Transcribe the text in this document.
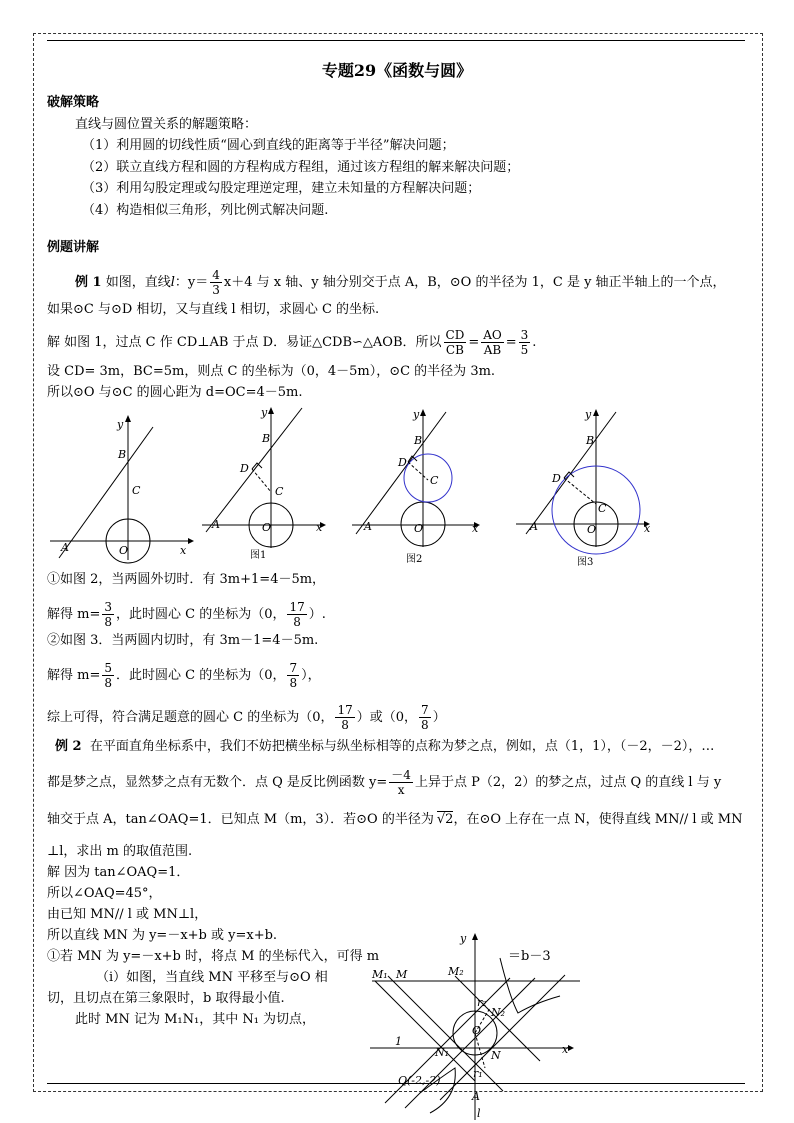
专题29《函数与圆》
破解策略
直线与圆位置关系的解题策略：
（1）利用圆的切线性质“圆心到直线的距离等于半径”解决问题；
（2）联立直线方程和圆的方程构成方程组，通过该方程组的解来解决问题；
（3）利用勾股定理或勾股定理逆定理，建立未知量的方程解决问题；
（4）构造相似三角形，列比例式解决问题.
例题讲解
例 1 如图，直线l：$y= \frac{4}{3} x+4$ 与 x 轴、y 轴分别交于点 A，B，⊙O 的半径为 1，C 是 y 轴正半轴上的一个点，
如果⊙C 与⊙D 相切，又与直线 l 相切，求圆心 C 的坐标.
解 如图 1，过点 C 作 CD⊥AB 于点 D．易证△CDB∽△AOB．所以 $\frac{CD}{CB} = \frac{AO}{AB} = \frac{3}{5}$ .
设 CD= 3m，BC=5m，则点 C 的坐标为（0，4－5m），⊙C 的半径为 3m.
所以⊙O 与⊙C 的圆心距为 d=OC=4－5m.
y
B
C
A	O	x
y
B
D
C
A	O	x
图1
y
B
D
C
A	O	x
图2
y
B
D
C
A	O	x
图3
①如图 2，当两圆外切时．有 3m+1=4－5m，
解得 $m= \frac{3}{8}$ ，此时圆心 C 的坐标为（0， $\frac{17}{8}$ ）.
②如图 3．当两圆内切时，有 3m－1=4－5m.
解得 $m= \frac{5}{8}$ ．此时圆心 C 的坐标为（0， $\frac{7}{8}$ ），
综上可得，符合满足题意的圆心 C 的坐标为（0， $\frac{17}{8}$ ）或（0， $\frac{7}{8}$ ）
例 2 在平面直角坐标系中，我们不妨把横坐标与纵坐标相等的点称为梦之点，例如，点（1，1），（－2，－2），…
都是梦之点，显然梦之点有无数个．点 Q 是反比例函数 $y= \frac{-4}{x}$ 上异于点 P（2，2）的梦之点，过点 Q 的直线 l 与 y
轴交于点 A，tan∠OAQ=1．已知点 M（m，3）．若⊙O 的半径为 √2，在⊙O 上存在一点 N，使得直线 MN// l 或 MN
⊥l，求出 m 的取值范围.
解 因为 tan∠OAQ=1．
所以∠OAQ=45°，
由已知 MN// l 或 MN⊥l，
所以直线 MN 为 y=－x+b 或 y=x+b.
①若 MN 为 y=－x+b 时，将点 M 的坐标代入，可得 m	＝b－3
（i）如图，当直线 MN 平移至与⊙O 相
切，且切点在第三象限时，b 取得最小值.
此时 MN 记为 M₁N₁，其中 N₁ 为切点，
y
M₁ M	M₂
r₂
N₂
O
1
N₁	N
r₁
x
Q(-2,-2)
A
l
